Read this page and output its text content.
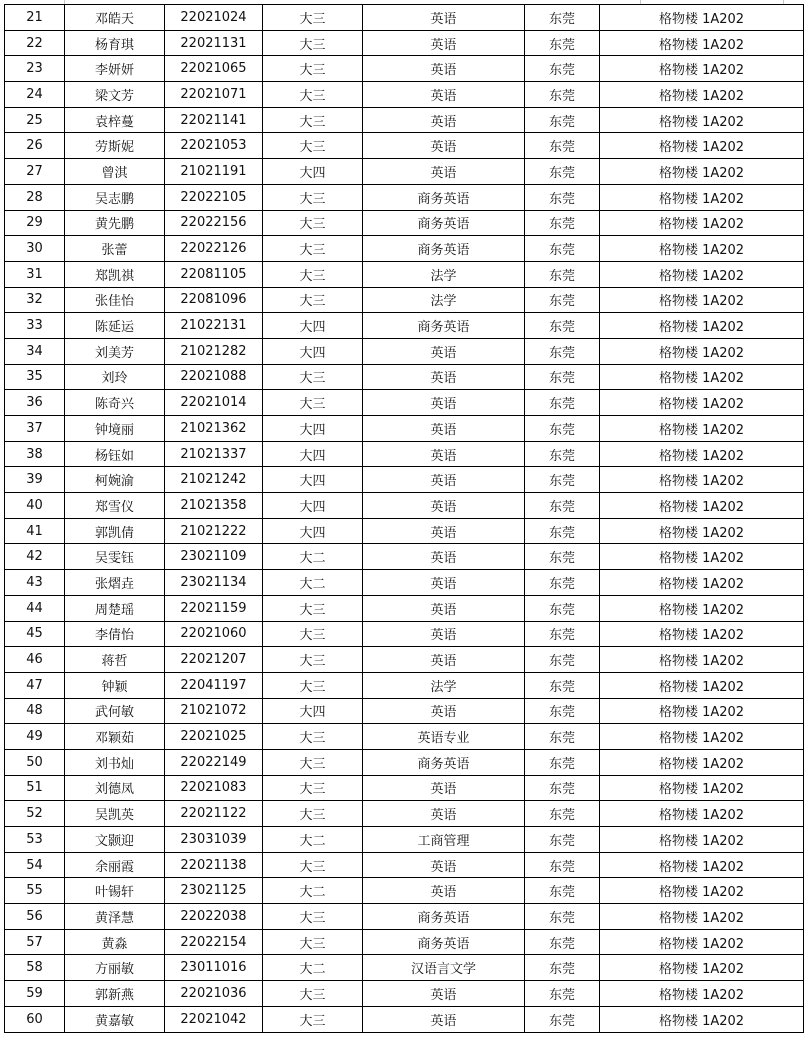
21	邓皓天	22021024	大三	英语	东莞	格物楼 1A202
22	杨育琪	22021131	大三	英语	东莞	格物楼 1A202
23	李妍妍	22021065	大三	英语	东莞	格物楼 1A202
24	梁文芳	22021071	大三	英语	东莞	格物楼 1A202
25	袁梓蔓	22021141	大三	英语	东莞	格物楼 1A202
26	劳斯妮	22021053	大三	英语	东莞	格物楼 1A202
27	曾淇	21021191	大四	英语	东莞	格物楼 1A202
28	吴志鹏	22022105	大三	商务英语	东莞	格物楼 1A202
29	黄先鹏	22022156	大三	商务英语	东莞	格物楼 1A202
30	张蕾	22022126	大三	商务英语	东莞	格物楼 1A202
31	郑凯祺	22081105	大三	法学	东莞	格物楼 1A202
32	张佳怡	22081096	大三	法学	东莞	格物楼 1A202
33	陈延运	21022131	大四	商务英语	东莞	格物楼 1A202
34	刘美芳	21021282	大四	英语	东莞	格物楼 1A202
35	刘玲	22021088	大三	英语	东莞	格物楼 1A202
36	陈奇兴	22021014	大三	英语	东莞	格物楼 1A202
37	钟境丽	21021362	大四	英语	东莞	格物楼 1A202
38	杨钰如	21021337	大四	英语	东莞	格物楼 1A202
39	柯婉渝	21021242	大四	英语	东莞	格物楼 1A202
40	郑雪仪	21021358	大四	英语	东莞	格物楼 1A202
41	郭凯倩	21021222	大四	英语	东莞	格物楼 1A202
42	吴雯钰	23021109	大二	英语	东莞	格物楼 1A202
43	张熠垚	23021134	大二	英语	东莞	格物楼 1A202
44	周楚瑶	22021159	大三	英语	东莞	格物楼 1A202
45	李倩怡	22021060	大三	英语	东莞	格物楼 1A202
46	蒋哲	22021207	大三	英语	东莞	格物楼 1A202
47	钟颖	22041197	大三	法学	东莞	格物楼 1A202
48	武何敏	21021072	大四	英语	东莞	格物楼 1A202
49	邓颖茹	22021025	大三	英语专业	东莞	格物楼 1A202
50	刘书灿	22022149	大三	商务英语	东莞	格物楼 1A202
51	刘德凤	22021083	大三	英语	东莞	格物楼 1A202
52	吴凯英	22021122	大三	英语	东莞	格物楼 1A202
53	文颢迎	23031039	大二	工商管理	东莞	格物楼 1A202
54	余丽霞	22021138	大三	英语	东莞	格物楼 1A202
55	叶锡轩	23021125	大二	英语	东莞	格物楼 1A202
56	黄泽慧	22022038	大三	商务英语	东莞	格物楼 1A202
57	黄淼	22022154	大三	商务英语	东莞	格物楼 1A202
58	方丽敏	23011016	大二	汉语言文学	东莞	格物楼 1A202
59	郭新燕	22021036	大三	英语	东莞	格物楼 1A202
60	黄嘉敏	22021042	大三	英语	东莞	格物楼 1A202
